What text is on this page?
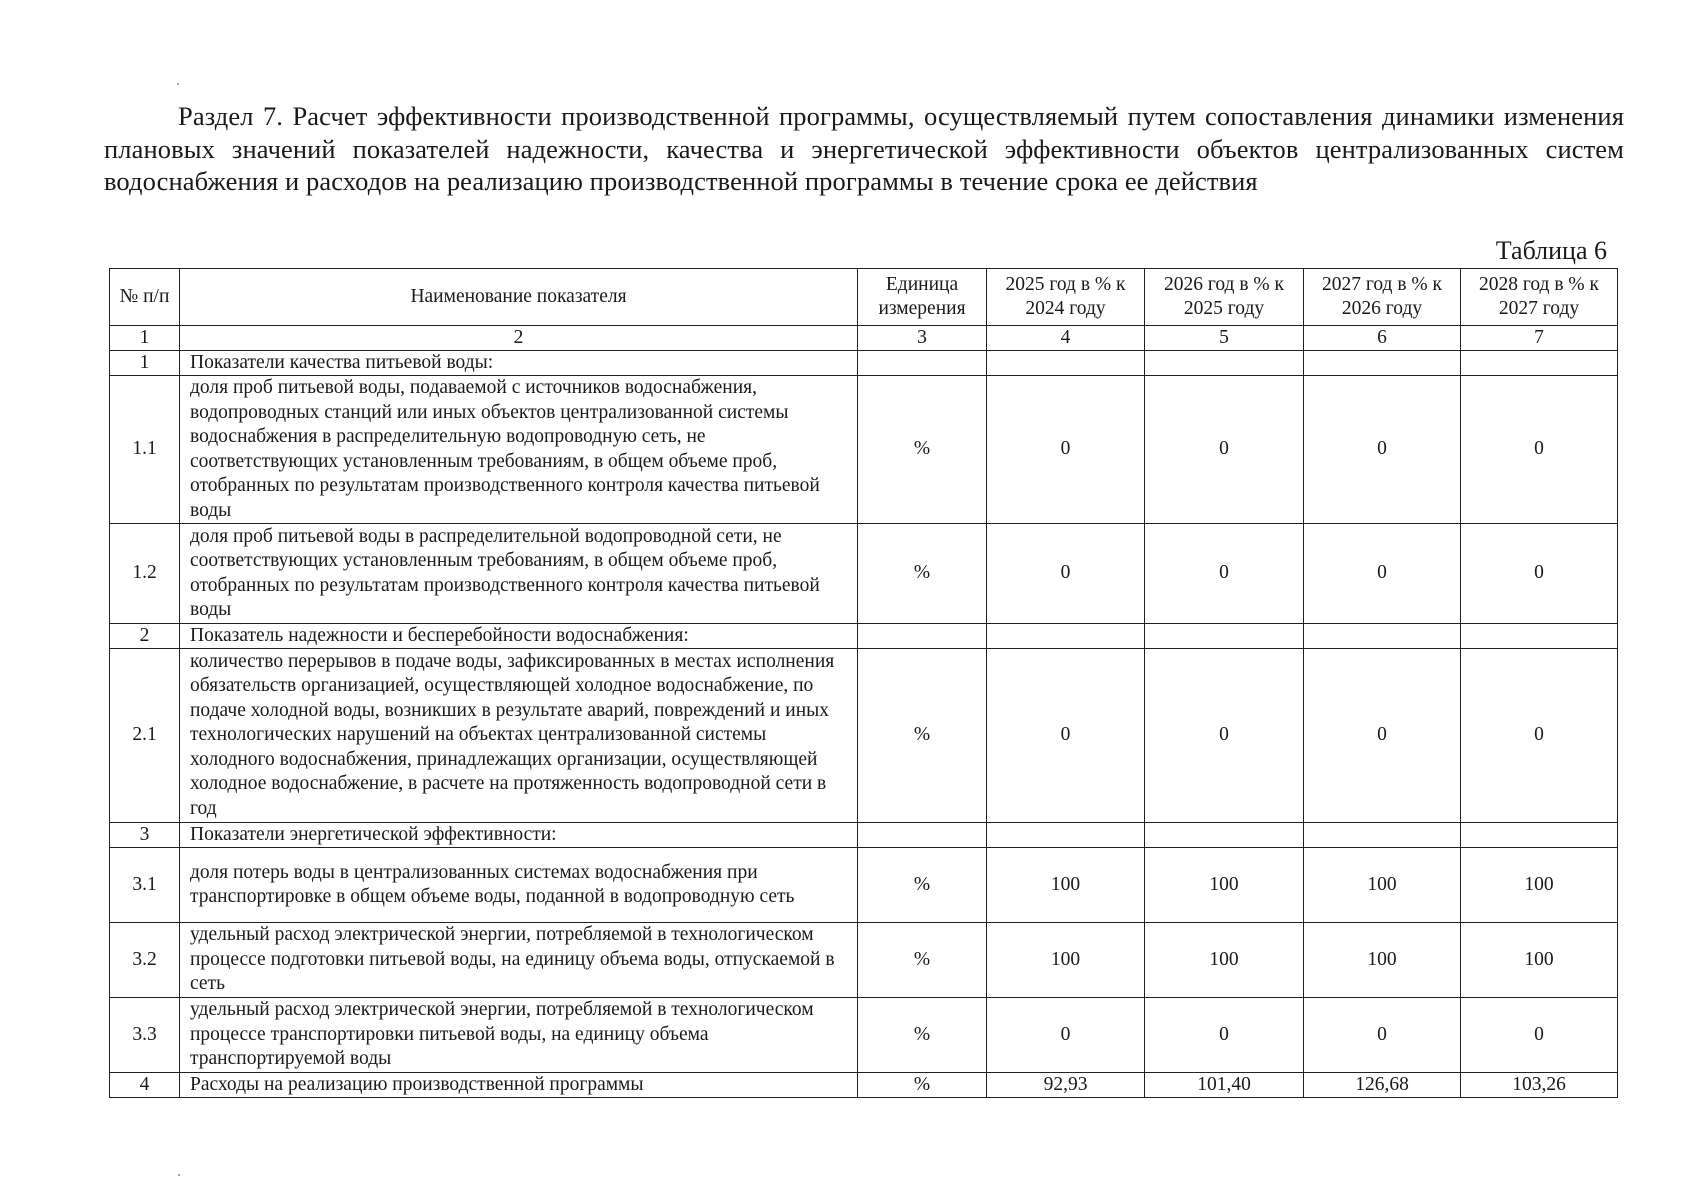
Раздел 7. Расчет эффективности производственной программы, осуществляемый путем сопоставления динамики изменения плановых значений показателей надежности, качества и энергетической эффективности объектов централизованных систем водоснабжения и расходов на реализацию производственной программы в течение срока ее действия

Таблица 6
№ п/п	Наименование показателя	Единица измерения	2025 год в % к 2024 году	2026 год в % к 2025 году	2027 год в % к 2026 году	2028 год в % к 2027 году
1	2	3	4	5	6	7
1	Показатели качества питьевой воды:					
1.1	доля проб питьевой воды, подаваемой с источников водоснабжения, водопроводных станций или иных объектов централизованной системы водоснабжения в распределительную водопроводную сеть, не соответствующих установленным требованиям, в общем объеме проб, отобранных по результатам производственного контроля качества питьевой воды	%	0	0	0	0
1.2	доля проб питьевой воды в распределительной водопроводной сети, не соответствующих установленным требованиям, в общем объеме проб, отобранных по результатам производственного контроля качества питьевой воды	%	0	0	0	0
2	Показатель надежности и бесперебойности водоснабжения:					
2.1	количество перерывов в подаче воды, зафиксированных в местах исполнения обязательств организацией, осуществляющей холодное водоснабжение, по подаче холодной воды, возникших в результате аварий, повреждений и иных технологических нарушений на объектах централизованной системы холодного водоснабжения, принадлежащих организации, осуществляющей холодное водоснабжение, в расчете на протяженность водопроводной сети в год	%	0	0	0	0
3	Показатели энергетической эффективности:					
3.1	доля потерь воды в централизованных системах водоснабжения при транспортировке в общем объеме воды, поданной в водопроводную сеть	%	100	100	100	100
3.2	удельный расход электрической энергии, потребляемой в технологическом процессе подготовки питьевой воды, на единицу объема воды, отпускаемой в сеть	%	100	100	100	100
3.3	удельный расход электрической энергии, потребляемой в технологическом процессе транспортировки питьевой воды, на единицу объема транспортируемой воды	%	0	0	0	0
4	Расходы на реализацию производственной программы	%	92,93	101,40	126,68	103,26
